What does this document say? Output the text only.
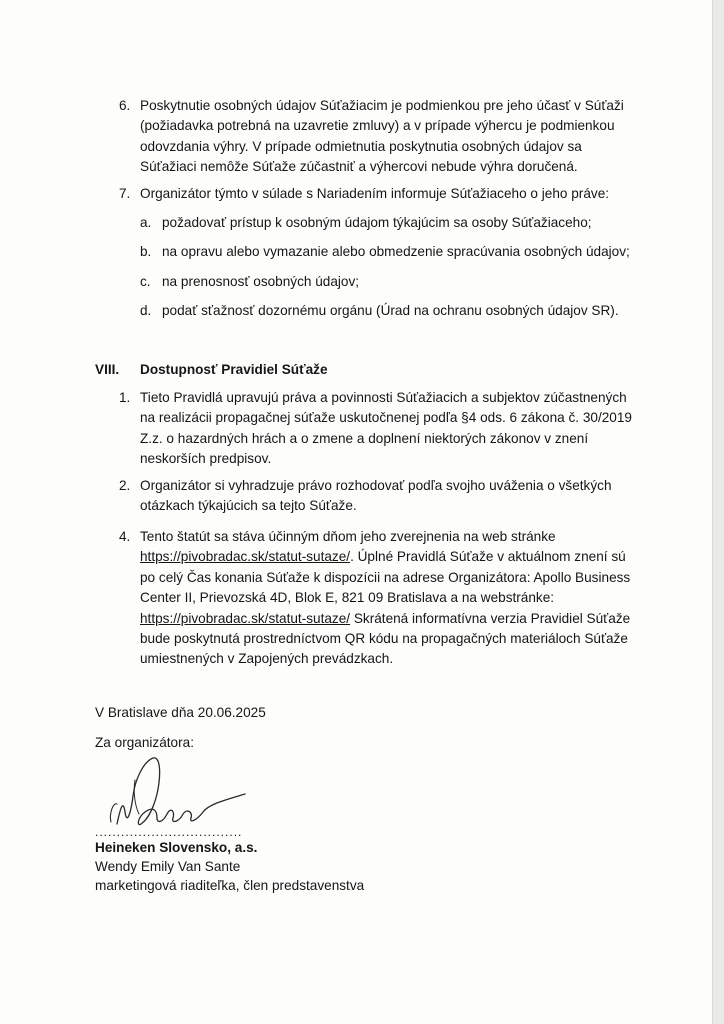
6. Poskytnutie osobných údajov Súťažiacim je podmienkou pre jeho účasť v Súťaži
(požiadavka potrebná na uzavretie zmluvy) a v prípade výhercu je podmienkou
odovzdania výhry. V prípade odmietnutia poskytnutia osobných údajov sa
Súťažiaci nemôže Súťaže zúčastniť a výhercovi nebude výhra doručená.
7. Organizátor týmto v súlade s Nariadením informuje Súťažiaceho o jeho práve:
a. požadovať prístup k osobným údajom týkajúcim sa osoby Súťažiaceho;
b. na opravu alebo vymazanie alebo obmedzenie spracúvania osobných údajov;
c. na prenosnosť osobných údajov;
d. podať sťažnosť dozornému orgánu (Úrad na ochranu osobných údajov SR).
VIII. Dostupnosť Pravidiel Súťaže
1. Tieto Pravidlá upravujú práva a povinnosti Súťažiacich a subjektov zúčastnených
na realizácii propagačnej súťaže uskutočnenej podľa §4 ods. 6 zákona č. 30/2019
Z.z. o hazardných hrách a o zmene a doplnení niektorých zákonov v znení
neskorších predpisov.
2. Organizátor si vyhradzuje právo rozhodovať podľa svojho uváženia o všetkých
otázkach týkajúcich sa tejto Súťaže.
4. Tento štatút sa stáva účinným dňom jeho zverejnenia na web stránke
https://pivobradac.sk/statut-sutaze/. Úplné Pravidlá Súťaže v aktuálnom znení sú
po celý Čas konania Súťaže k dispozícii na adrese Organizátora: Apollo Business
Center II, Prievozská 4D, Blok E, 821 09 Bratislava a na webstránke:
https://pivobradac.sk/statut-sutaze/ Skrátená informatívna verzia Pravidiel Súťaže
bude poskytnutá prostredníctvom QR kódu na propagačných materiáloch Súťaže
umiestnených v Zapojených prevádzkach.
V Bratislave dňa 20.06.2025
Za organizátora:
..................................
Heineken Slovensko, a.s.
Wendy Emily Van Sante
marketingová riaditeľka, člen predstavenstva
